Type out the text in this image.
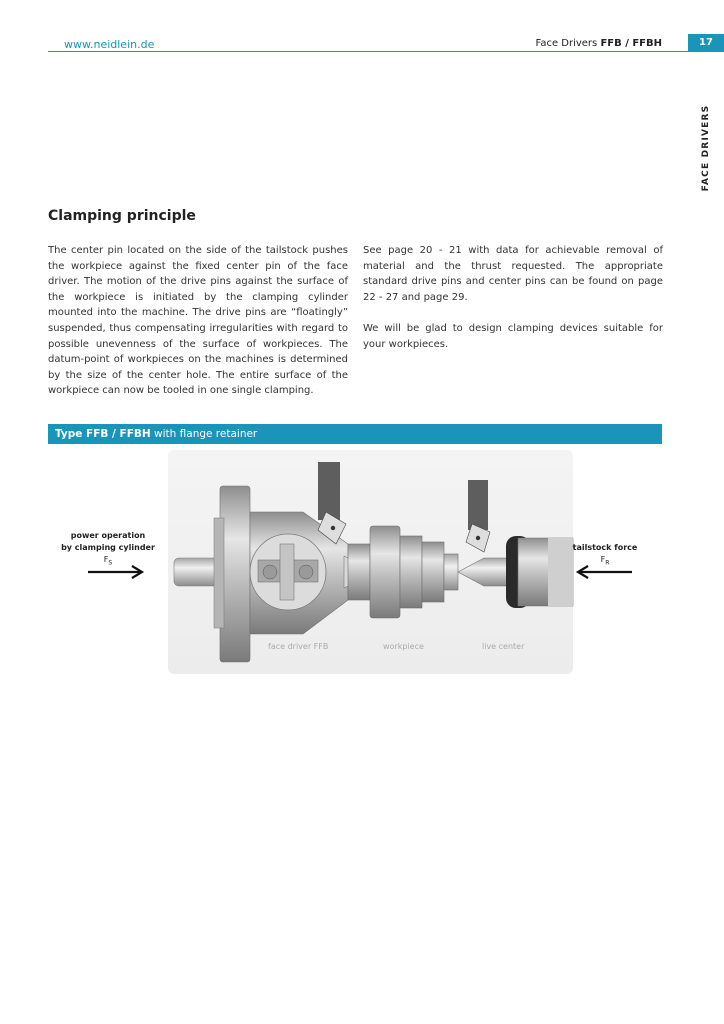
www.neidlein.de	Face Drivers FFB / FFBH	17
FACE DRIVERS
Clamping principle

The center pin located on the side of the tailstock pushes the workpiece against the fixed center pin of the face driver. The motion of the drive pins against the surface of the workpiece is initiated by the clamping cylinder mounted into the machine. The drive pins are “floatingly” suspended, thus compensating irregularities with regard to possible unevenness of the surface of workpieces. The datum-point of workpieces on the machines is determined by the size of the center hole. The entire surface of the workpiece can now be tooled in one single clamping.

See page 20 - 21 with data for achievable removal of material and the thrust requested. The appropriate standard drive pins and center pins can be found on page 22 - 27 and page 29.

We will be glad to design clamping devices suitable for your workpieces.

Type FFB / FFBH with flange retainer
power operation
by clamping cylinder
$F_S$
tailstock force
$F_R$
face driver FFB	workpiece	live center
